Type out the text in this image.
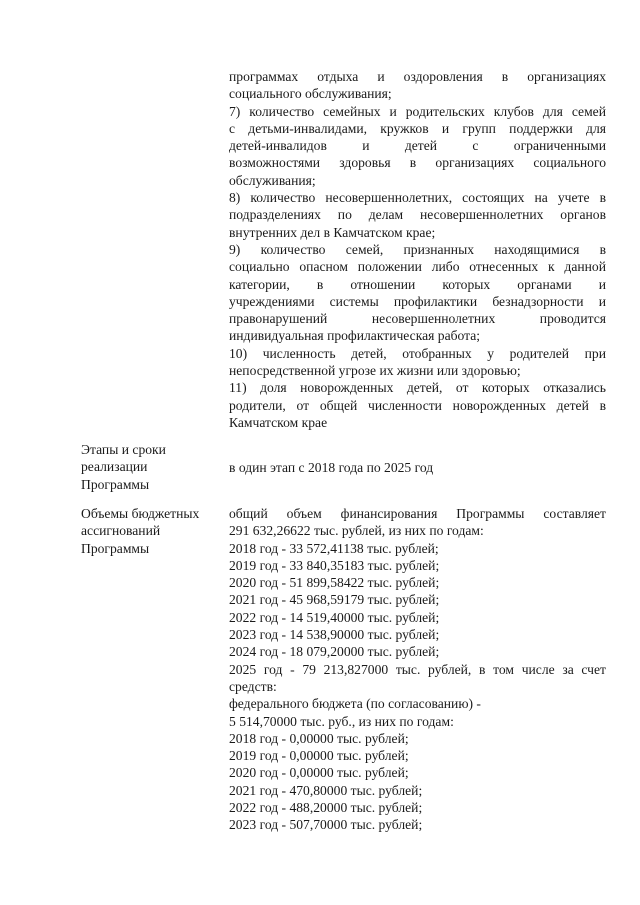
программах отдыха и оздоровления в организациях
социального обслуживания;
7) количество семейных и родительских клубов для семей
с детьми-инвалидами, кружков и групп поддержки для
детей-инвалидов и детей с ограниченными
возможностями здоровья в организациях социального
обслуживания;
8) количество несовершеннолетних, состоящих на учете в
подразделениях по делам несовершеннолетних органов
внутренних дел в Камчатском крае;
9) количество семей, признанных находящимися в
социально опасном положении либо отнесенных к данной
категории, в отношении которых органами и
учреждениями системы профилактики безнадзорности и
правонарушений несовершеннолетних проводится
индивидуальная профилактическая работа;
10) численность детей, отобранных у родителей при
непосредственной угрозе их жизни или здоровью;
11) доля новорожденных детей, от которых отказались
родители, от общей численности новорожденных детей в
Камчатском крае
Этапы и сроки
реализации
Программы
в один этап с 2018 года по 2025 год
Объемы бюджетных
ассигнований
Программы
общий объем финансирования Программы составляет
291 632,26622 тыс. рублей, из них по годам:
2018 год - 33 572,41138 тыс. рублей;
2019 год - 33 840,35183 тыс. рублей;
2020 год - 51 899,58422 тыс. рублей;
2021 год - 45 968,59179 тыс. рублей;
2022 год - 14 519,40000 тыс. рублей;
2023 год - 14 538,90000 тыс. рублей;
2024 год - 18 079,20000 тыс. рублей;
2025 год - 79 213,827000 тыс. рублей, в том числе за счет
средств:
федерального бюджета (по согласованию) -
5 514,70000 тыс. руб., из них по годам:
2018 год - 0,00000 тыс. рублей;
2019 год - 0,00000 тыс. рублей;
2020 год - 0,00000 тыс. рублей;
2021 год - 470,80000 тыс. рублей;
2022 год - 488,20000 тыс. рублей;
2023 год - 507,70000 тыс. рублей;
